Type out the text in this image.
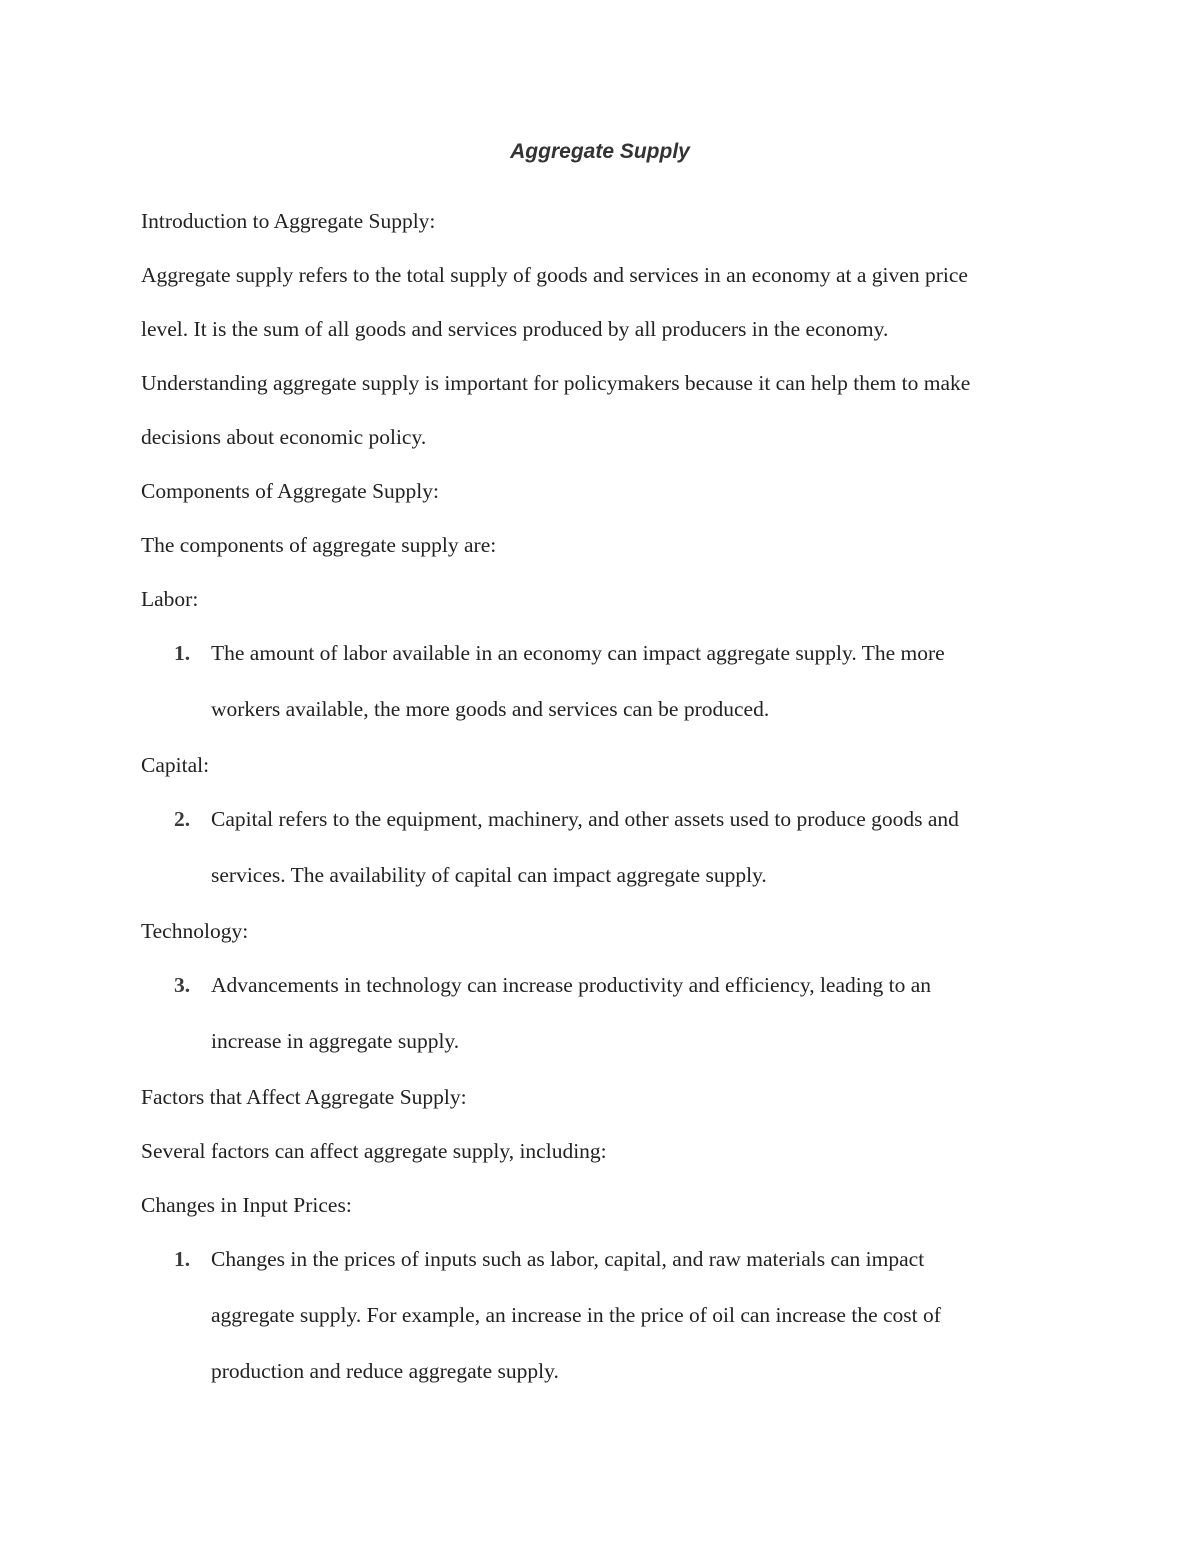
Aggregate Supply
Introduction to Aggregate Supply:
Aggregate supply refers to the total supply of goods and services in an economy at a given price
level. It is the sum of all goods and services produced by all producers in the economy.
Understanding aggregate supply is important for policymakers because it can help them to make
decisions about economic policy.
Components of Aggregate Supply:
The components of aggregate supply are:
Labor:
1. The amount of labor available in an economy can impact aggregate supply. The more
workers available, the more goods and services can be produced.
Capital:
2. Capital refers to the equipment, machinery, and other assets used to produce goods and
services. The availability of capital can impact aggregate supply.
Technology:
3. Advancements in technology can increase productivity and efficiency, leading to an
increase in aggregate supply.
Factors that Affect Aggregate Supply:
Several factors can affect aggregate supply, including:
Changes in Input Prices:
1. Changes in the prices of inputs such as labor, capital, and raw materials can impact
aggregate supply. For example, an increase in the price of oil can increase the cost of
production and reduce aggregate supply.
